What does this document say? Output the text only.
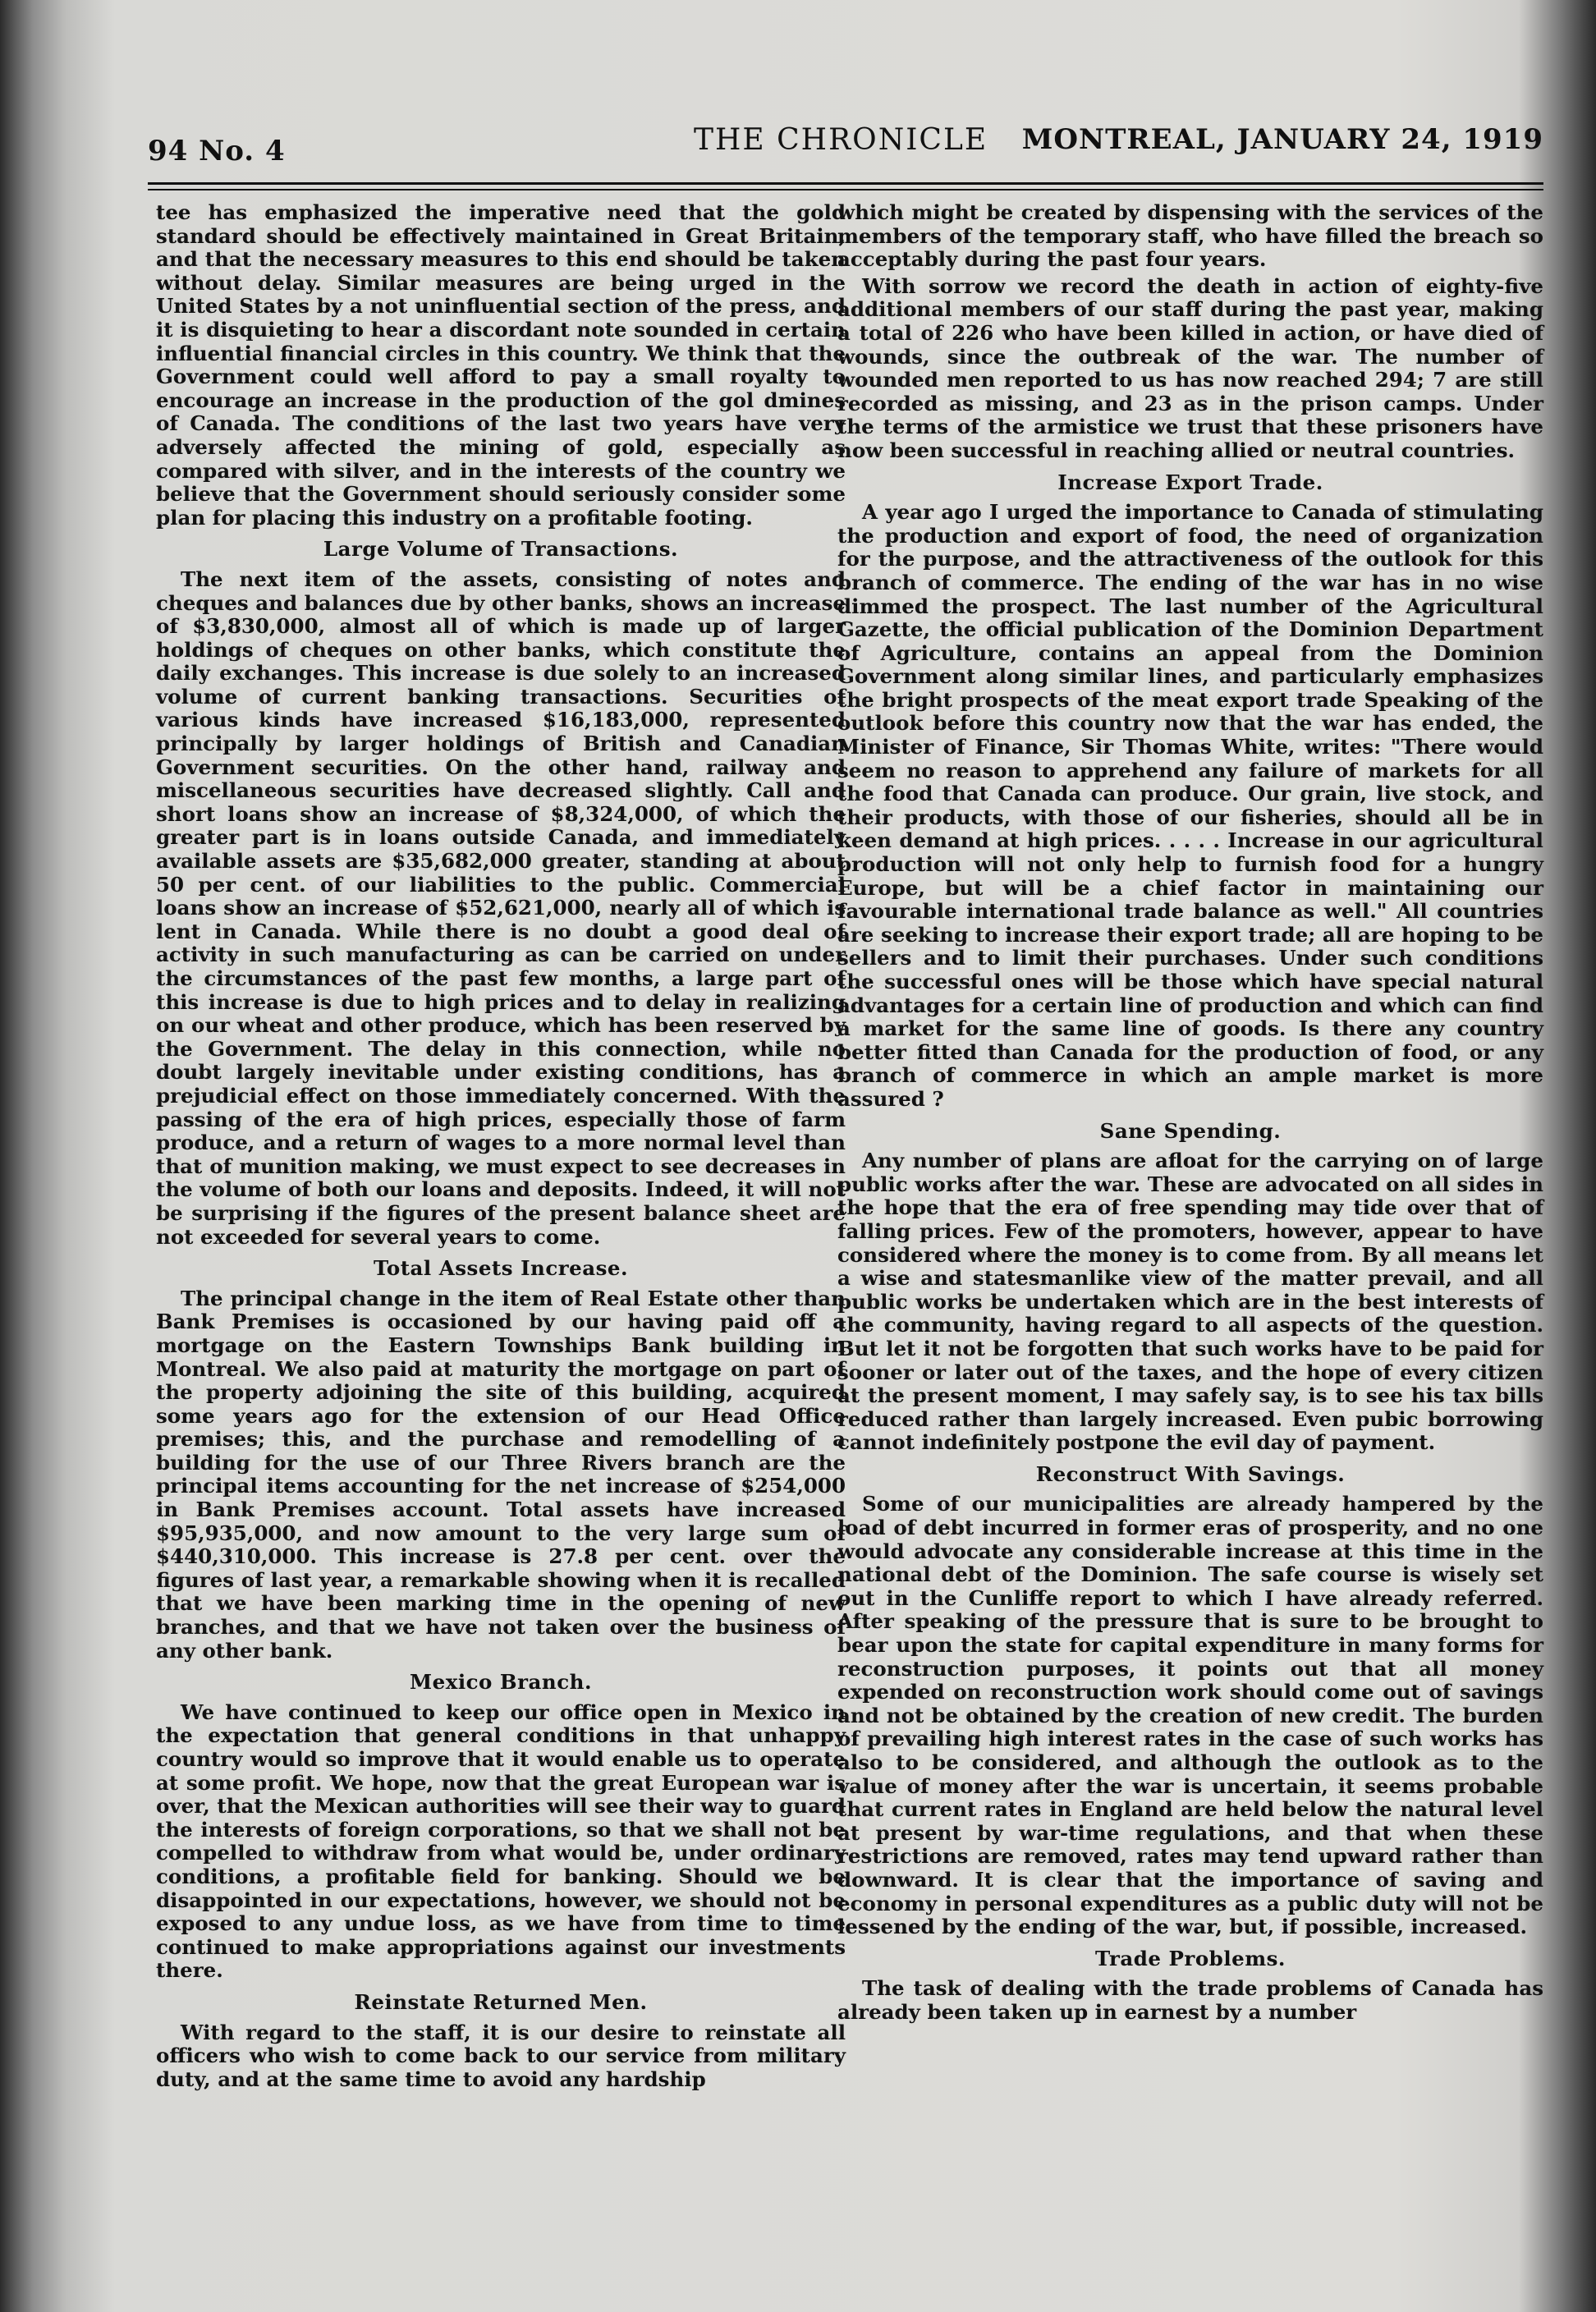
94 No. 4	THE CHRONICLE MONTREAL, JANUARY 24, 1919

tee has emphasized the imperative need that the gold standard should be effectively maintained in Great Britain, and that the necessary measures to this end should be taken without delay. Similar measures are being urged in the United States by a not uninfluential section of the press, and it is disquieting to hear a discordant note sounded in certain influential financial circles in this country. We think that the Government could well afford to pay a small royalty to encourage an increase in the production of the gol dmines of Canada. The conditions of the last two years have very adversely affected the mining of gold, especially as compared with silver, and in the interests of the country we believe that the Government should seriously consider some plan for placing this industry on a profitable footing.

Large Volume of Transactions.

The next item of the assets, consisting of notes and cheques and balances due by other banks, shows an increase of $3,830,000, almost all of which is made up of larger holdings of cheques on other banks, which constitute the daily exchanges. This increase is due solely to an increased volume of current banking transactions. Securities of various kinds have increased $16,183,000, represented principally by larger holdings of British and Canadian Government securities. On the other hand, railway and miscellaneous securities have decreased slightly. Call and short loans show an increase of $8,324,000, of which the greater part is in loans outside Canada, and immediately available assets are $35,682,000 greater, standing at about 50 per cent. of our liabilities to the public. Commercial loans show an increase of $52,621,000, nearly all of which is lent in Canada. While there is no doubt a good deal of activity in such manufacturing as can be carried on under the circumstances of the past few months, a large part of this increase is due to high prices and to delay in realizing on our wheat and other produce, which has been reserved by the Government. The delay in this connection, while no doubt largely inevitable under existing conditions, has a prejudicial effect on those immediately concerned. With the passing of the era of high prices, especially those of farm produce, and a return of wages to a more normal level than that of munition making, we must expect to see decreases in the volume of both our loans and deposits. Indeed, it will not be surprising if the figures of the present balance sheet are not exceeded for several years to come.

Total Assets Increase.

The principal change in the item of Real Estate other than Bank Premises is occasioned by our having paid off a mortgage on the Eastern Townships Bank building in Montreal. We also paid at maturity the mortgage on part of the property adjoining the site of this building, acquired some years ago for the extension of our Head Office premises; this, and the purchase and remodelling of a building for the use of our Three Rivers branch are the principal items accounting for the net increase of $254,000 in Bank Premises account. Total assets have increased $95,935,000, and now amount to the very large sum of $440,310,000. This increase is 27.8 per cent. over the figures of last year, a remarkable showing when it is recalled that we have been marking time in the opening of new branches, and that we have not taken over the business of any other bank.

Mexico Branch.

We have continued to keep our office open in Mexico in the expectation that general conditions in that unhappy country would so improve that it would enable us to operate at some profit. We hope, now that the great European war is over, that the Mexican authorities will see their way to guard the interests of foreign corporations, so that we shall not be compelled to withdraw from what would be, under ordinary conditions, a profitable field for banking. Should we be disappointed in our expectations, however, we should not be exposed to any undue loss, as we have from time to time continued to make appropriations against our investments there.

Reinstate Returned Men.

With regard to the staff, it is our desire to reinstate all officers who wish to come back to our service from military duty, and at the same time to avoid any hardship

which might be created by dispensing with the services of the members of the temporary staff, who have filled the breach so acceptably during the past four years.

With sorrow we record the death in action of eighty-five additional members of our staff during the past year, making a total of 226 who have been killed in action, or have died of wounds, since the outbreak of the war. The number of wounded men reported to us has now reached 294; 7 are still recorded as missing, and 23 as in the prison camps. Under the terms of the armistice we trust that these prisoners have now been successful in reaching allied or neutral countries.

Increase Export Trade.

A year ago I urged the importance to Canada of stimulating the production and export of food, the need of organization for the purpose, and the attractiveness of the outlook for this branch of commerce. The ending of the war has in no wise dimmed the prospect. The last number of the Agricultural Gazette, the official publication of the Dominion Department of Agriculture, contains an appeal from the Dominion Government along similar lines, and particularly emphasizes the bright prospects of the meat export trade Speaking of the outlook before this country now that the war has ended, the Minister of Finance, Sir Thomas White, writes: "There would seem no reason to apprehend any failure of markets for all the food that Canada can produce. Our grain, live stock, and their products, with those of our fisheries, should all be in keen demand at high prices. . . . . Increase in our agricultural production will not only help to furnish food for a hungry Europe, but will be a chief factor in maintaining our favourable international trade balance as well." All countries are seeking to increase their export trade; all are hoping to be sellers and to limit their purchases. Under such conditions the successful ones will be those which have special natural advantages for a certain line of production and which can find a market for the same line of goods. Is there any country better fitted than Canada for the production of food, or any branch of commerce in which an ample market is more assured ?

Sane Spending.

Any number of plans are afloat for the carrying on of large public works after the war. These are advocated on all sides in the hope that the era of free spending may tide over that of falling prices. Few of the promoters, however, appear to have considered where the money is to come from. By all means let a wise and statesmanlike view of the matter prevail, and all public works be undertaken which are in the best interests of the community, having regard to all aspects of the question. But let it not be forgotten that such works have to be paid for sooner or later out of the taxes, and the hope of every citizen at the present moment, I may safely say, is to see his tax bills reduced rather than largely increased. Even pubic borrowing cannot indefinitely postpone the evil day of payment.

Reconstruct With Savings.

Some of our municipalities are already hampered by the load of debt incurred in former eras of prosperity, and no one would advocate any considerable increase at this time in the national debt of the Dominion. The safe course is wisely set out in the Cunliffe report to which I have already referred. After speaking of the pressure that is sure to be brought to bear upon the state for capital expenditure in many forms for reconstruction purposes, it points out that all money expended on reconstruction work should come out of savings and not be obtained by the creation of new credit. The burden of prevailing high interest rates in the case of such works has also to be considered, and although the outlook as to the value of money after the war is uncertain, it seems probable that current rates in England are held below the natural level at present by war-time regulations, and that when these restrictions are removed, rates may tend upward rather than downward. It is clear that the importance of saving and economy in personal expenditures as a public duty will not be lessened by the ending of the war, but, if possible, increased.

Trade Problems.

The task of dealing with the trade problems of Canada has already been taken up in earnest by a number
